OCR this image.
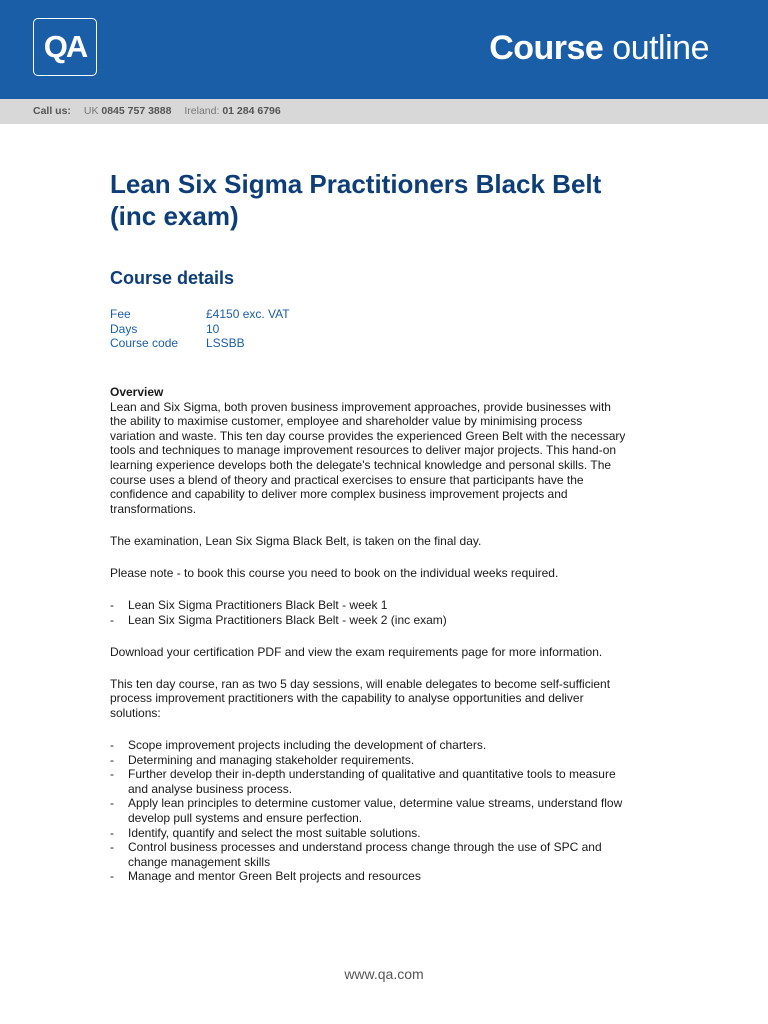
QA	Course outline
Call us: UK 0845 757 3888 Ireland: 01 284 6796
Lean Six Sigma Practitioners Black Belt (inc exam)
Course details
Fee	£4150 exc. VAT
Days	10
Course code	LSSBB

Overview
Lean and Six Sigma, both proven business improvement approaches, provide businesses with the ability to maximise customer, employee and shareholder value by minimising process variation and waste. This ten day course provides the experienced Green Belt with the necessary tools and techniques to manage improvement resources to deliver major projects. This hand-on learning experience develops both the delegate's technical knowledge and personal skills. The course uses a blend of theory and practical exercises to ensure that participants have the confidence and capability to deliver more complex business improvement projects and transformations.

The examination, Lean Six Sigma Black Belt, is taken on the final day.

Please note - to book this course you need to book on the individual weeks required.

- Lean Six Sigma Practitioners Black Belt - week 1
- Lean Six Sigma Practitioners Black Belt - week 2 (inc exam)

Download your certification PDF and view the exam requirements page for more information.

This ten day course, ran as two 5 day sessions, will enable delegates to become self-sufficient process improvement practitioners with the capability to analyse opportunities and deliver solutions:

- Scope improvement projects including the development of charters.
- Determining and managing stakeholder requirements.
- Further develop their in-depth understanding of qualitative and quantitative tools to measure and analyse business process.
- Apply lean principles to determine customer value, determine value streams, understand flow develop pull systems and ensure perfection.
- Identify, quantify and select the most suitable solutions.
- Control business processes and understand process change through the use of SPC and change management skills
- Manage and mentor Green Belt projects and resources
www.qa.com
